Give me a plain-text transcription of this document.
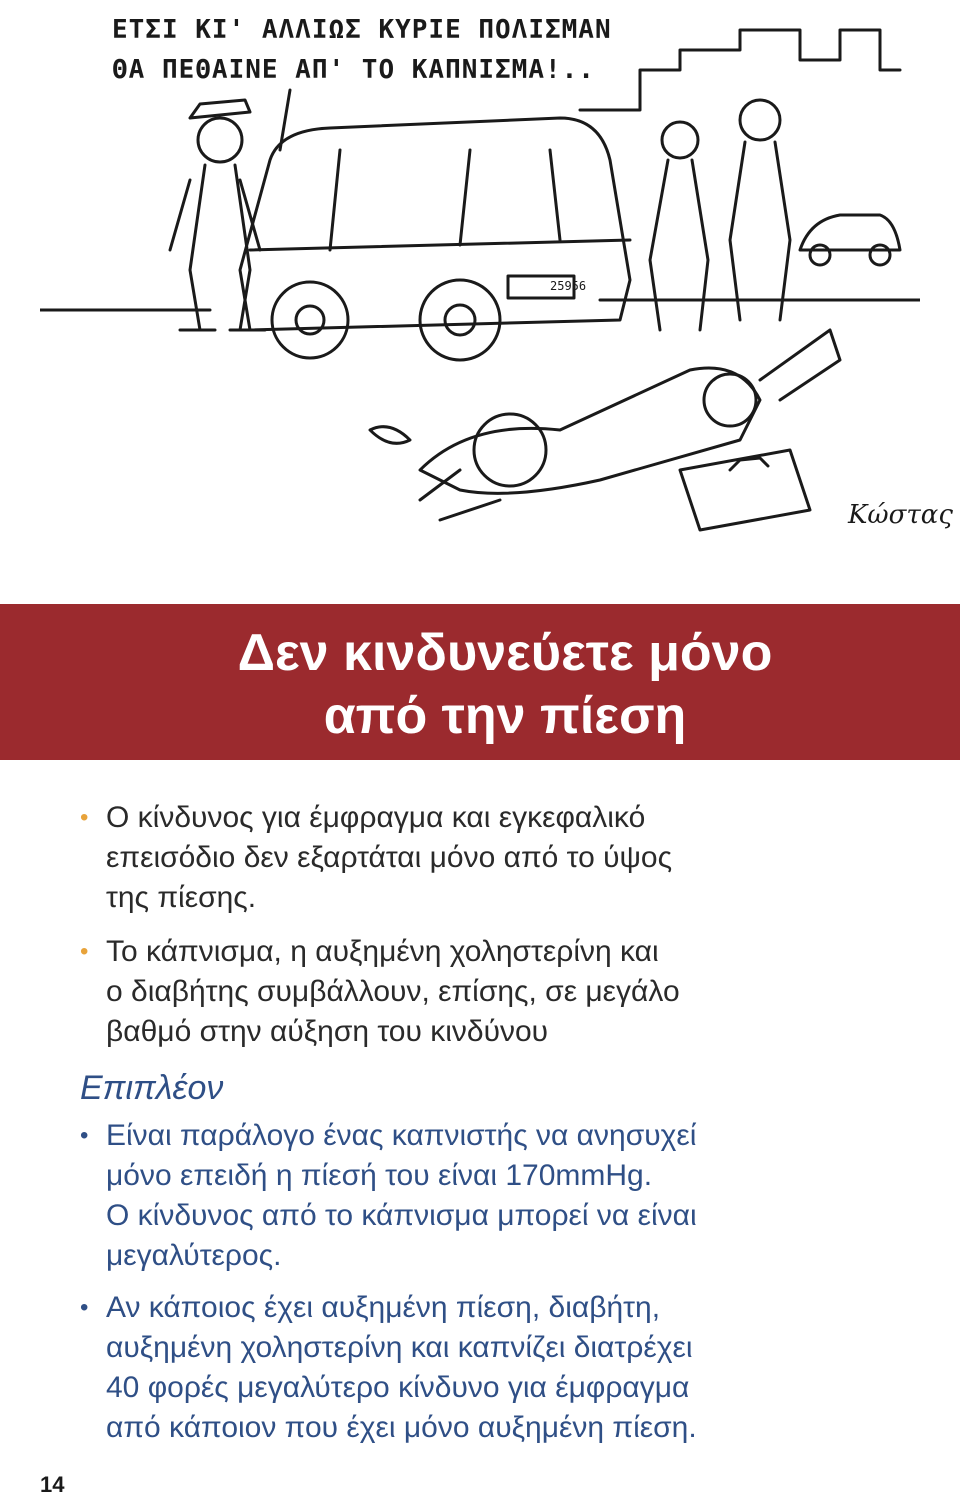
ΕΤΣΙ ΚΙ' ΑΛΛΙΩΣ ΚΥΡΙΕ ΠΟΛΙΣΜΑΝ
ΘΑ ΠΕΘΑΙΝΕ ΑΠ' ΤΟ ΚΑΠΝΙΣΜΑ!..
25956
Κώστας
Δεν κινδυνεύετε μόνο
από την πίεση
• Ο κίνδυνος για έμφραγμα και εγκεφαλικό
επεισόδιο δεν εξαρτάται μόνο από το ύψος
της πίεσης.
• Το κάπνισμα, η αυξημένη χοληστερίνη και
ο διαβήτης συμβάλλουν, επίσης, σε μεγάλο
βαθμό στην αύξηση του κινδύνου
Επιπλέον
• Είναι παράλογο ένας καπνιστής να ανησυχεί
μόνο επειδή η πίεσή του είναι 170mmHg.
Ο κίνδυνος από το κάπνισμα μπορεί να είναι
μεγαλύτερος.
• Αν κάποιος έχει αυξημένη πίεση, διαβήτη,
αυξημένη χοληστερίνη και καπνίζει διατρέχει
40 φορές μεγαλύτερο κίνδυνο για έμφραγμα
από κάποιον που έχει μόνο αυξημένη πίεση.
14
